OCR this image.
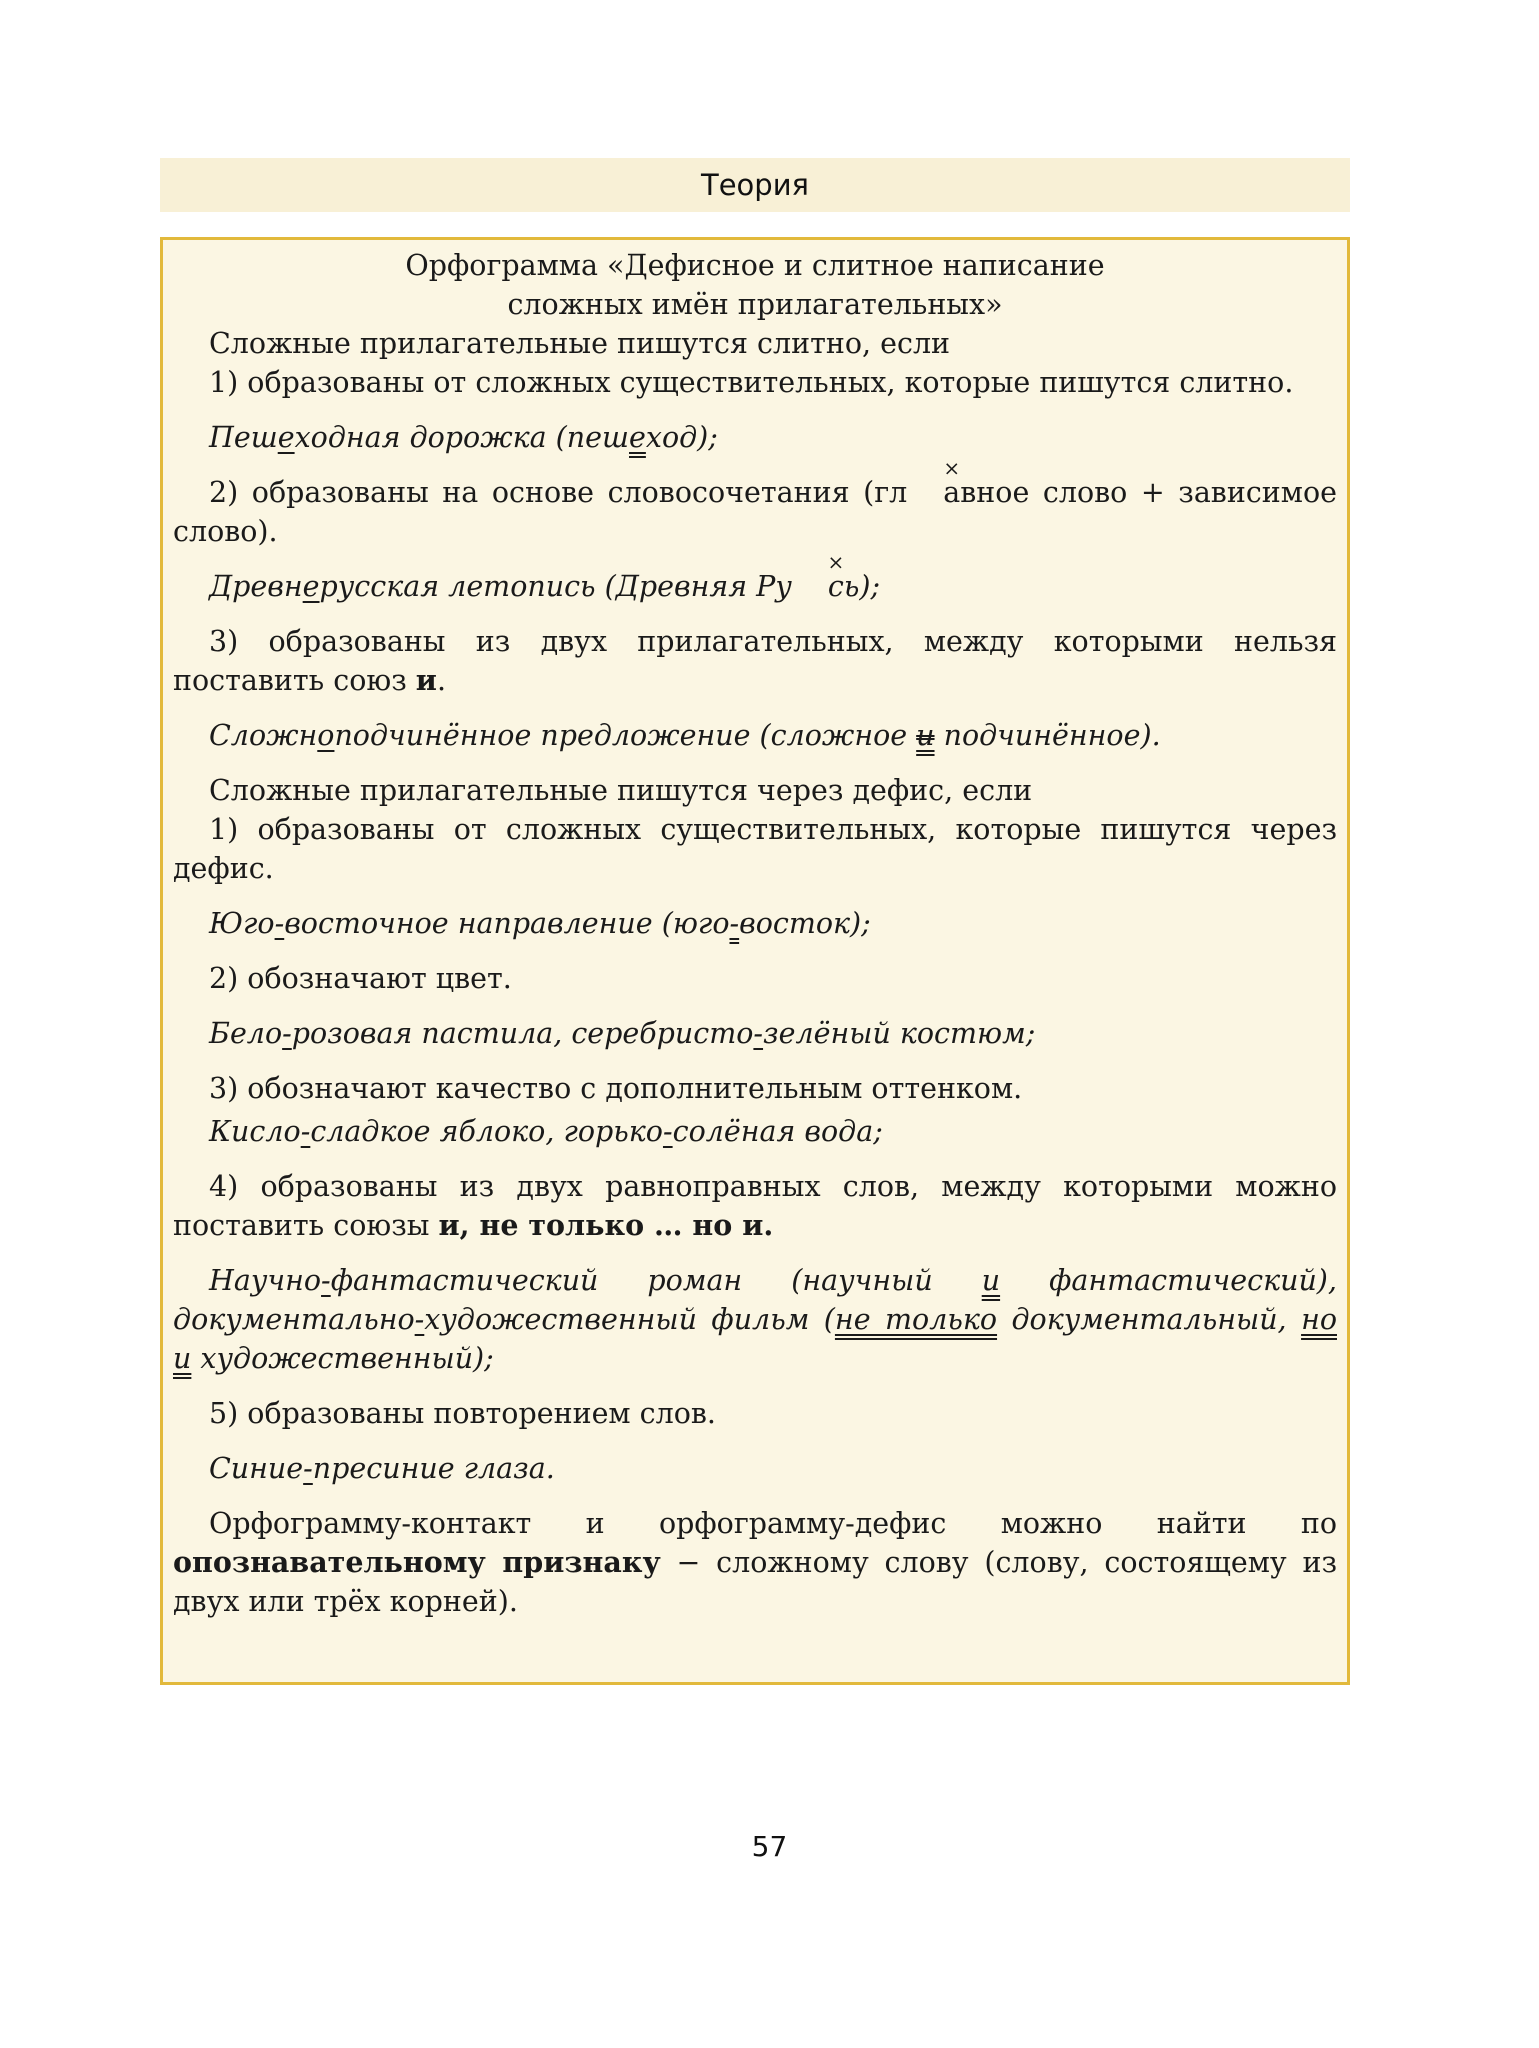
Теория
Орфограмма «Дефисное и слитное написание
сложных имён прилагательных»

Сложные прилагательные пишутся слитно, если

1) образованы от сложных существительных, которые пишутся слитно.

Пешеходная дорожка (пешеход);

2) образованы на основе словосочетания (гл × авное слово + зависимое слово).

Древнерусская летопись (Древняя Ру × сь);

3) образованы из двух прилагательных, между которыми нельзя поставить союз и.

Сложноподчинённое предложение (сложное и подчинённое).

Сложные прилагательные пишутся через дефис, если

1) образованы от сложных существительных, которые пишутся через дефис.

Юго-восточное направление (юго-восток);

2) обозначают цвет.

Бело-розовая пастила, серебристо-зелёный костюм;

3) обозначают качество с дополнительным оттенком.

Кисло-сладкое яблоко, горько-солёная вода;

4) образованы из двух равноправных слов, между которыми можно поставить союзы и, не только … но и.

Научно-фантастический роман (научный и фантастический), документально-художественный фильм (не только документальный, но и художественный);

5) образованы повторением слов.

Синие-пресиние глаза.

Орфограмму-контакт и орфограмму-дефис можно найти по опознавательному признаку − сложному слову (слову, состоящему из двух или трёх корней).

57
